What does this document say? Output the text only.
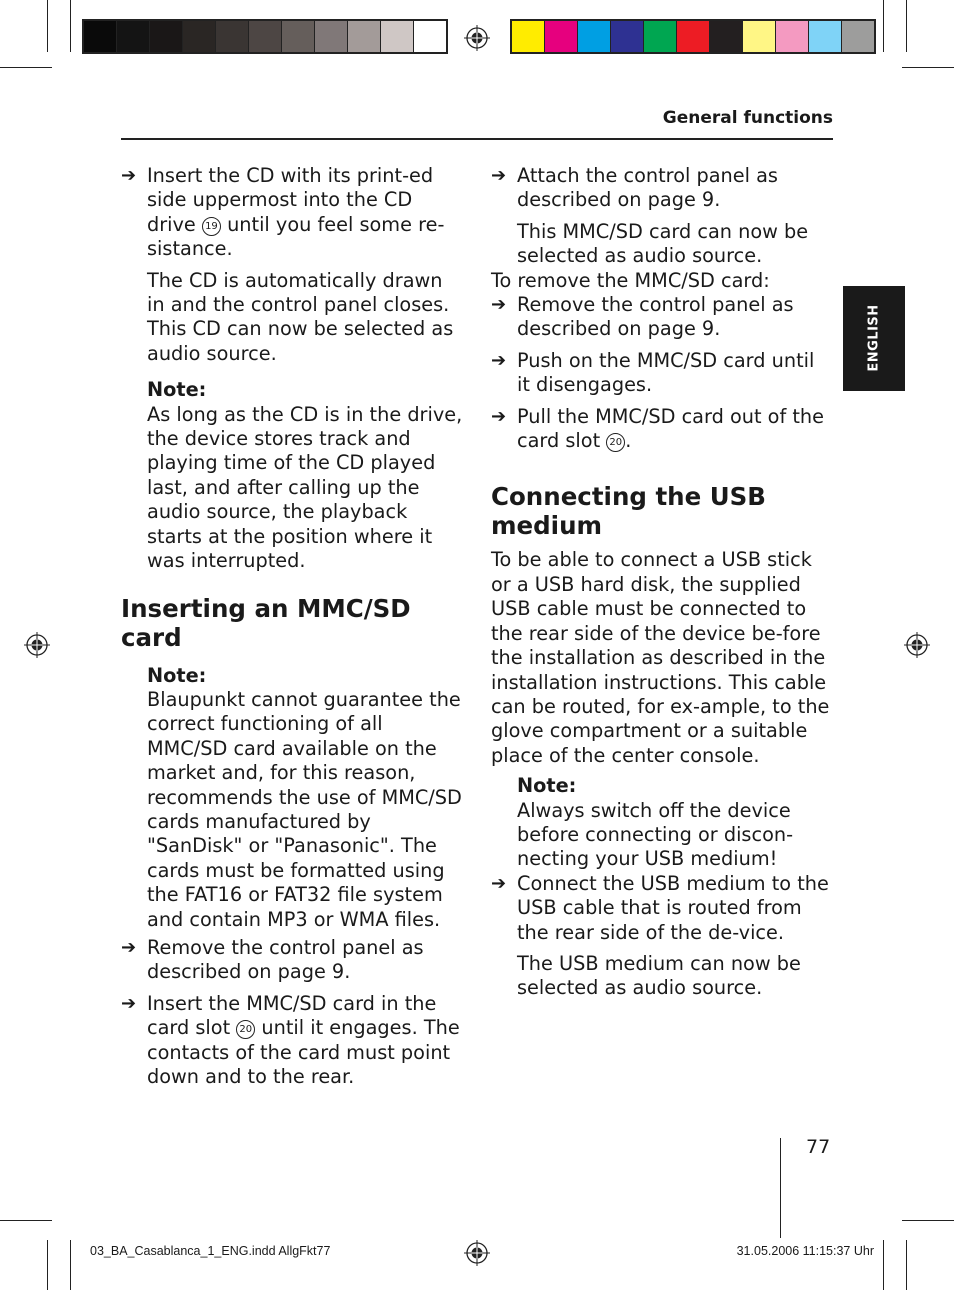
General functions
ENGLISH
➔ Insert the CD with its print-ed side uppermost into the CD drive 19 until you feel some re-sistance.

The CD is automatically drawn in and the control panel closes. This CD can now be selected as audio source.

Note:

As long as the CD is in the drive, the device stores track and playing time of the CD played last, and after calling up the audio source, the playback starts at the position where it was interrupted.

Inserting an MMC/SD card

Note:

Blaupunkt cannot guarantee the correct functioning of all MMC/SD card available on the market and, for this reason, recommends the use of MMC/SD cards manufactured by "SanDisk" or "Panasonic". The cards must be formatted using the FAT16 or FAT32 file system and contain MP3 or WMA files.

➔ Remove the control panel as described on page 9.
➔ Insert the MMC/SD card in the card slot 20 until it engages. The contacts of the card must point down and to the rear.
➔ Attach the control panel as described on page 9.

This MMC/SD card can now be selected as audio source.

To remove the MMC/SD card:

➔ Remove the control panel as described on page 9.
➔ Push on the MMC/SD card until it disengages.
➔ Pull the MMC/SD card out of the card slot 20 .
Connecting the USB medium

To be able to connect a USB stick or a USB hard disk, the supplied USB cable must be connected to the rear side of the device be-fore the installation as described in the installation instructions. This cable can be routed, for ex-ample, to the glove compartment or a suitable place of the center console.

Note:

Always switch off the device before connecting or discon-necting your USB medium!

➔ Connect the USB medium to the USB cable that is routed from the rear side of the de-vice.

The USB medium can now be selected as audio source.

77
03_BA_Casablanca_1_ENG.indd AllgFkt77	31.05.2006 11:15:37 Uhr
